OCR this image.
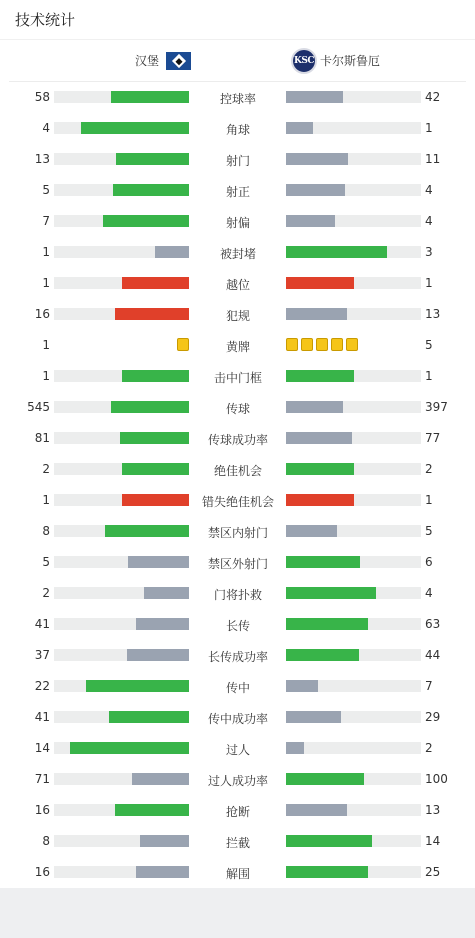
技术统计
汉堡	KSC 卡尔斯鲁厄
58	控球率	42
4	角球	1
13	射门	11
5	射正	4
7	射偏	4
1	被封堵	3
1	越位	1
16	犯规	13
1	黄牌	5
1	击中门框	1
545	传球	397
81	传球成功率	77
2	绝佳机会	2
1	错失绝佳机会	1
8	禁区内射门	5
5	禁区外射门	6
2	门将扑救	4
41	长传	63
37	长传成功率	44
22	传中	7
41	传中成功率	29
14	过人	2
71	过人成功率	100
16	抢断	13
8	拦截	14
16	解围	25
